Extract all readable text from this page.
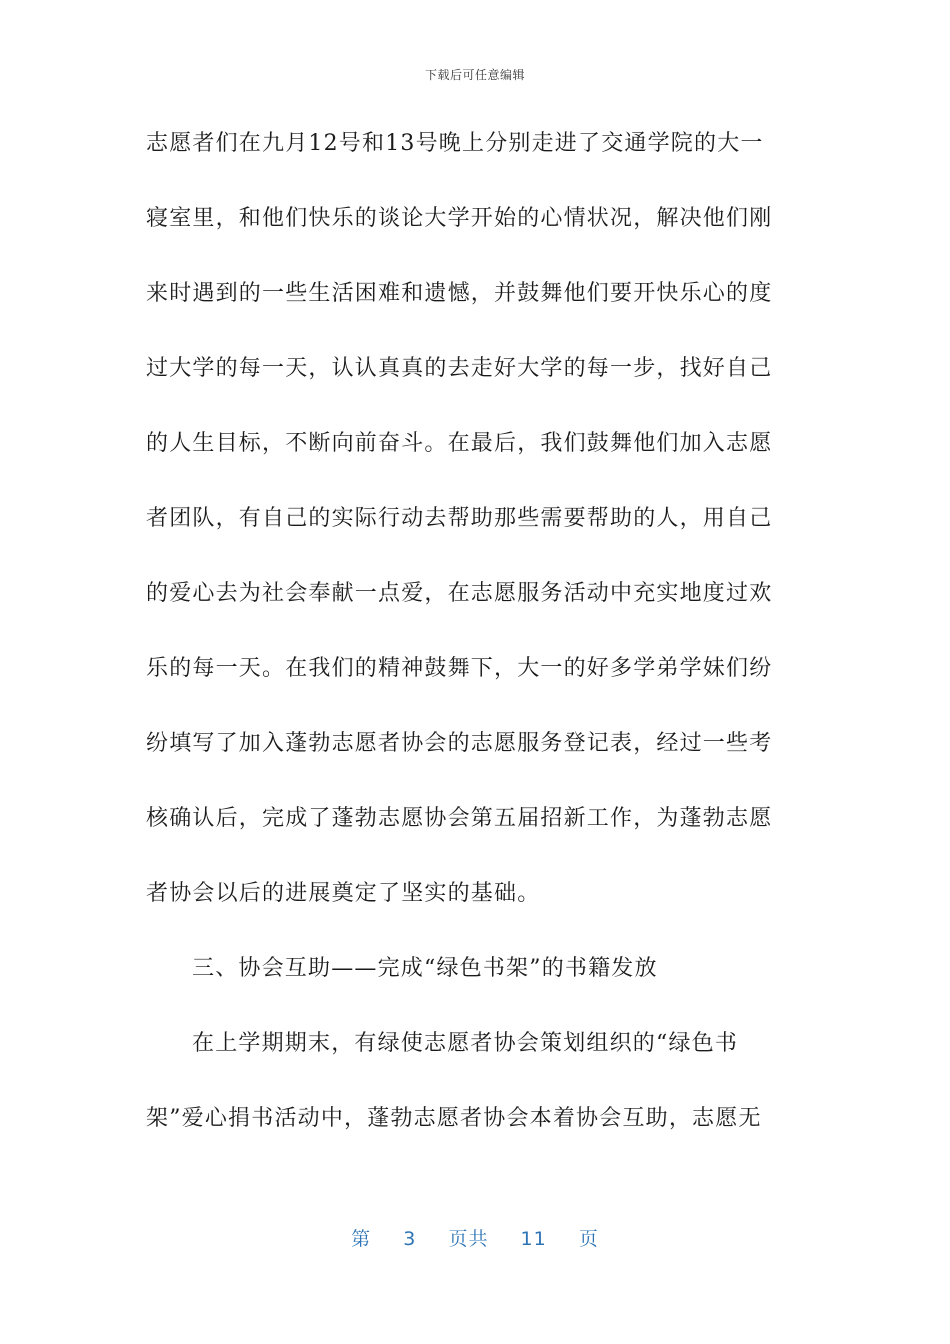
下载后可任意编辑
志愿者们在九月12号和13号晚上分别走进了交通学院的大一
寝室里，和他们快乐的谈论大学开始的心情状况，解决他们刚
来时遇到的一些生活困难和遗憾，并鼓舞他们要开快乐心的度
过大学的每一天，认认真真的去走好大学的每一步，找好自己
的人生目标，不断向前奋斗。在最后，我们鼓舞他们加入志愿
者团队，有自己的实际行动去帮助那些需要帮助的人，用自己
的爱心去为社会奉献一点爱，在志愿服务活动中充实地度过欢
乐的每一天。在我们的精神鼓舞下，大一的好多学弟学妹们纷
纷填写了加入蓬勃志愿者协会的志愿服务登记表，经过一些考
核确认后，完成了蓬勃志愿协会第五届招新工作，为蓬勃志愿
者协会以后的进展奠定了坚实的基础。
三、协会互助——完成“绿色书架”的书籍发放
在上学期期末，有绿使志愿者协会策划组织的“绿色书
架”爱心捐书活动中，蓬勃志愿者协会本着协会互助，志愿无
第 3 页共 11 页
